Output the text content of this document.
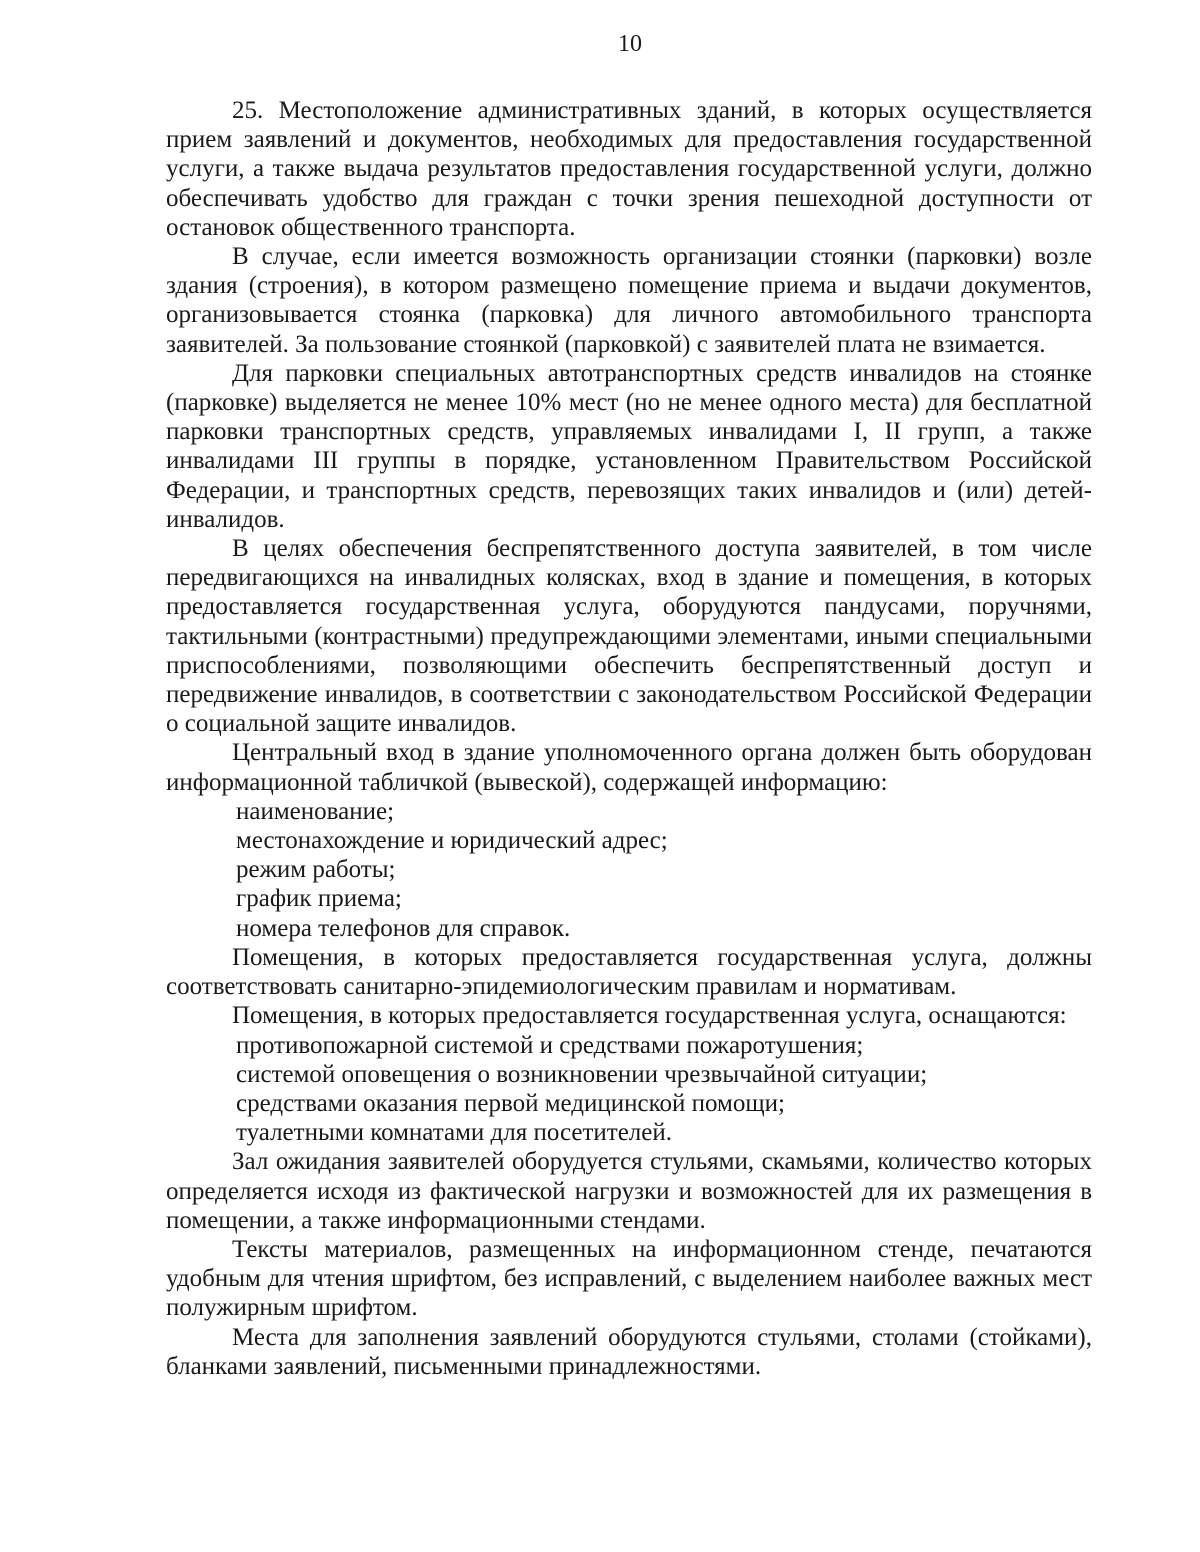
10

25. Местоположение административных зданий, в которых осуществляется прием заявлений и документов, необходимых для предоставления государственной услуги, а также выдача результатов предоставления государственной услуги, должно обеспечивать удобство для граждан с точки зрения пешеходной доступности от остановок общественного транспорта.

В случае, если имеется возможность организации стоянки (парковки) возле здания (строения), в котором размещено помещение приема и выдачи документов, организовывается стоянка (парковка) для личного автомобильного транспорта заявителей. За пользование стоянкой (парковкой) с заявителей плата не взимается.

Для парковки специальных автотранспортных средств инвалидов на стоянке (парковке) выделяется не менее 10% мест (но не менее одного места) для бесплатной парковки транспортных средств, управляемых инвалидами I, II групп, а также инвалидами III группы в порядке, установленном Правительством Российской Федерации, и транспортных средств, перевозящих таких инвалидов и (или) детей-инвалидов.

В целях обеспечения беспрепятственного доступа заявителей, в том числе передвигающихся на инвалидных колясках, вход в здание и помещения, в которых предоставляется государственная услуга, оборудуются пандусами, поручнями, тактильными (контрастными) предупреждающими элементами, иными специальными приспособлениями, позволяющими обеспечить беспрепятственный доступ и передвижение инвалидов, в соответствии с законодательством Российской Федерации о социальной защите инвалидов.

Центральный вход в здание уполномоченного органа должен быть оборудован информационной табличкой (вывеской), содержащей информацию:

наименование;
местонахождение и юридический адрес;
режим работы;
график приема;
номера телефонов для справок.

Помещения, в которых предоставляется государственная услуга, должны соответствовать санитарно-эпидемиологическим правилам и нормативам.

Помещения, в которых предоставляется государственная услуга, оснащаются:

противопожарной системой и средствами пожаротушения;
системой оповещения о возникновении чрезвычайной ситуации;
средствами оказания первой медицинской помощи;
туалетными комнатами для посетителей.

Зал ожидания заявителей оборудуется стульями, скамьями, количество которых определяется исходя из фактической нагрузки и возможностей для их размещения в помещении, а также информационными стендами.

Тексты материалов, размещенных на информационном стенде, печатаются удобным для чтения шрифтом, без исправлений, с выделением наиболее важных мест полужирным шрифтом.

Места для заполнения заявлений оборудуются стульями, столами (стойками), бланками заявлений, письменными принадлежностями.
